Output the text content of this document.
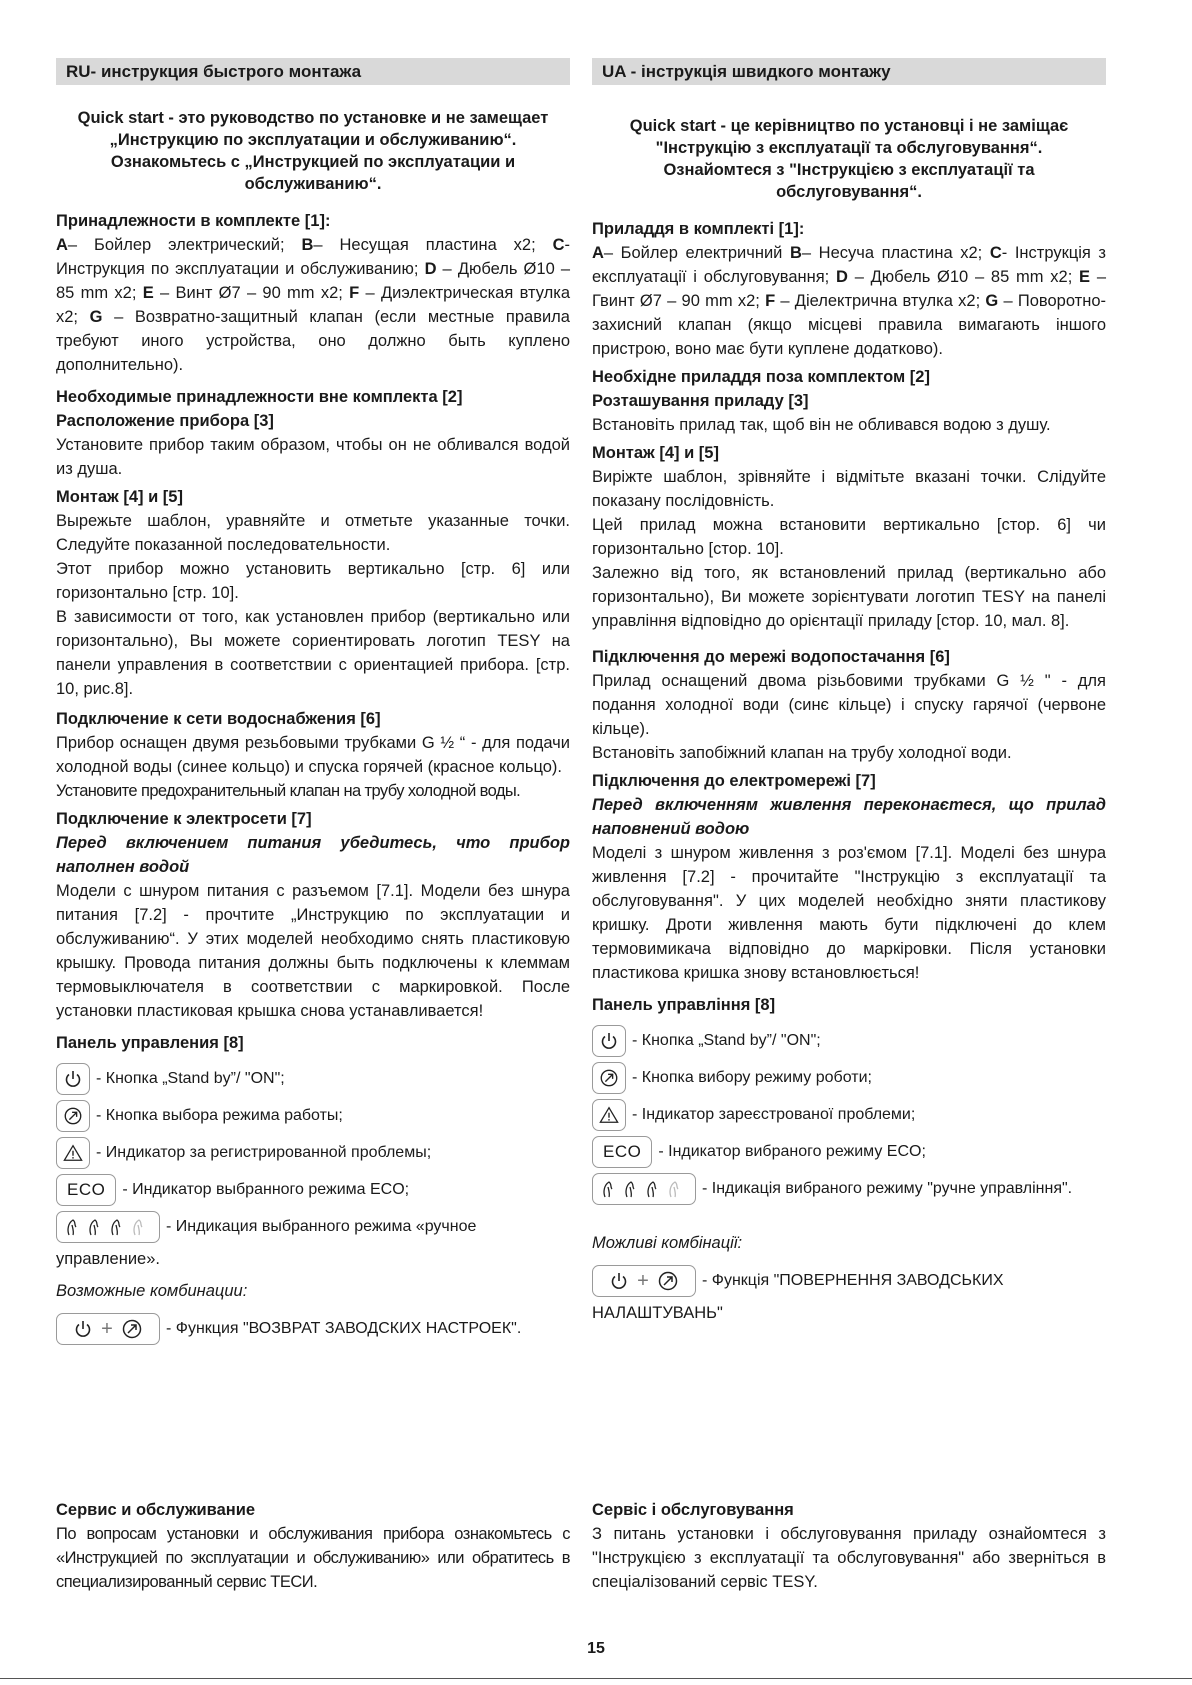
RU- инструкция быстрого монтажа

Quick start - это руководство по установке и не замещает „Инструкцию по эксплуатации и обслуживанию“. Ознакомьтесь с „Инструкцией по эксплуатации и обслуживанию“.

Принадлежности в комплекте [1]:

A– Бойлер электрический; B– Несущая пластина x2; C- Инструкция по эксплуатации и обслуживанию; D – Дюбель Ø10 – 85 mm x2; E – Винт Ø7 – 90 mm x2; F – Диэлектрическая втулка x2; G – Возвратно-защитный клапан (если местные правила требуют иного устройства, оно должно быть куплено дополнительно).

Необходимые принадлежности вне комплекта [2]

Расположение прибора [3]

Установите прибор таким образом, чтобы он не обливался водой из душа.

Монтаж [4] и [5]

Вырежьте шаблон, уравняйте и отметьте указанные точки. Следуйте показанной последовательности.

Этот прибор можно установить вертикально [стр. 6] или горизонтально [стр. 10].

В зависимости от того, как установлен прибор (вертикально или горизонтально), Вы можете сориентировать логотип TESY на панели управления в соответствии с ориентацией прибора. [стр. 10, рис.8].

Подключение к сети водоснабжения [6]

Прибор оснащен двумя резьбовыми трубками G ½ “ - для подачи холодной воды (синее кольцо) и спуска горячей (красное кольцо).

Установите предохранительный клапан на трубу холодной воды.

Подключение к электросети [7]

Перед включением питания убедитесь, что прибор наполнен водой

Модели с шнуром питания с разъемом [7.1]. Модели без шнура питания [7.2] - прочтите „Инструкцию по эксплуатации и обслуживанию“. У этих моделей необходимо снять пластиковую крышку. Провода питания должны быть подключены к клеммам термовыключателя в соответствии с маркировкой. После установки пластиковая крышка снова устанавливается!

Панель управления [8]

- Кнопка „Stand by”/ "ON";
- Кнопка выбора режима работы;
- Индикатор за регистрированной проблемы;
ECO	- Индикатор выбранного режима ECO;
- Индикация выбранного режима «ручное
управление».

Возможные комбинации:

+	- Функция "ВОЗВРАТ ЗАВОДСКИХ НАСТРОЕК".

Сервис и обслуживание

По вопросам установки и обслуживания прибора ознакомьтесь с «Инструкцией по эксплуатации и обслуживанию» или обратитесь в специализированный сервис ТЕСИ.

UA - інструкція швидкого монтажу

Quick start - це керівництво по установці і не заміщає "Інструкцію з експлуатації та обслуговування“. Ознайомтеся з "Інструкцією з експлуатації та обслуговування“.

Приладдя в комплекті [1]:

A– Бойлер електричний B– Несуча пластина x2; C- Інструкція з експлуатації і обслуговування; D – Дюбель Ø10 – 85 mm x2; E – Гвинт Ø7 – 90 mm x2; F – Діелектрична втулка x2; G – Поворотно-захисний клапан (якщо місцеві правила вимагають іншого пристрою, воно має бути куплене додатково).

Необхідне приладдя поза комплектом [2]

Розташування приладу [3]

Встановіть прилад так, щоб він не обливався водою з душу.

Монтаж [4] и [5]

Виріжте шаблон, зрівняйте і відмітьте вказані точки. Слідуйте показану послідовність.

Цей прилад можна встановити вертикально [стор. 6] чи горизонтально [стор. 10].

Залежно від того, як встановлений прилад (вертикально або горизонтально), Ви можете зорієнтувати логотип TESY на панелі управління відповідно до орієнтації приладу [стор. 10, мал. 8].

Підключення до мережі водопостачання [6]

Прилад оснащений двома різьбовими трубками G ½ " - для подання холодної води (синє кільце) і спуску гарячої (червоне кільце).

Встановіть запобіжний клапан на трубу холодної води.

Підключення до електромережі [7]

Перед включенням живлення переконаєтеся, що прилад наповнений водою

Моделі з шнуром живлення з роз'ємом [7.1]. Моделі без шнура живлення [7.2] - прочитайте "Інструкцію з експлуатації та обслуговування". У цих моделей необхідно зняти пластикову кришку. Дроти живлення мають бути підключені до клем термовимикача відповідно до маркіровки. Після установки пластикова кришка знову встановлюється!

Панель управління [8]

- Кнопка „Stand by”/ "ON";
- Кнопка вибору режиму роботи;
- Індикатор зареєстрованої проблеми;
ECO	- Індикатор вибраного режиму ECO;
- Індикація вибраного режиму "ручне управління".

Можливі комбінації:

+	- Функція "ПОВЕРНЕННЯ ЗАВОДСЬКИХ
НАЛАШТУВАНЬ"

Сервіс і обслуговування

З питань установки і обслуговування приладу ознайомтеся з "Інструкцією з експлуатації та обслуговування" або зверніться в спеціалізований сервіс TESY.

15
